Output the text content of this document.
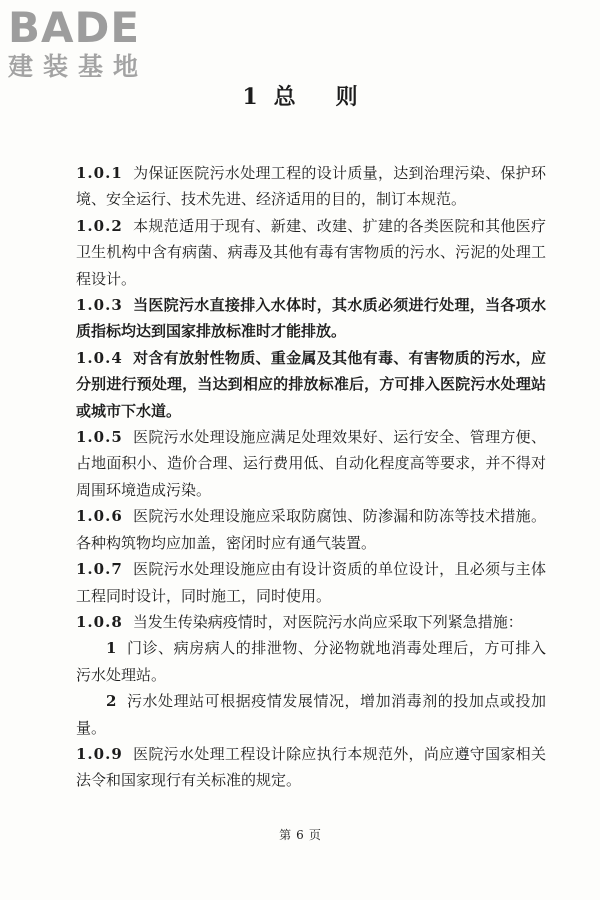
BADE
建装基地
1 总 则

1.0.1 为保证医院污水处理工程的设计质量，达到治理污染、保护环境、安全运行、技术先进、经济适用的目的，制订本规范。

1.0.2 本规范适用于现有、新建、改建、扩建的各类医院和其他医疗卫生机构中含有病菌、病毒及其他有毒有害物质的污水、污泥的处理工程设计。

1.0.3 当医院污水直接排入水体时，其水质必须进行处理，当各项水质指标均达到国家排放标准时才能排放。

1.0.4 对含有放射性物质、重金属及其他有毒、有害物质的污水，应分别进行预处理，当达到相应的排放标准后，方可排入医院污水处理站或城市下水道。

1.0.5 医院污水处理设施应满足处理效果好、运行安全、管理方便、占地面积小、造价合理、运行费用低、自动化程度高等要求，并不得对周围环境造成污染。

1.0.6 医院污水处理设施应采取防腐蚀、防渗漏和防冻等技术措施。各种构筑物均应加盖，密闭时应有通气装置。

1.0.7 医院污水处理设施应由有设计资质的单位设计，且必须与主体工程同时设计，同时施工，同时使用。

1.0.8 当发生传染病疫情时，对医院污水尚应采取下列紧急措施：

1 门诊、病房病人的排泄物、分泌物就地消毒处理后，方可排入污水处理站。

2 污水处理站可根据疫情发展情况，增加消毒剂的投加点或投加量。

1.0.9 医院污水处理工程设计除应执行本规范外，尚应遵守国家相关法令和国家现行有关标准的规定。

第 6 页
